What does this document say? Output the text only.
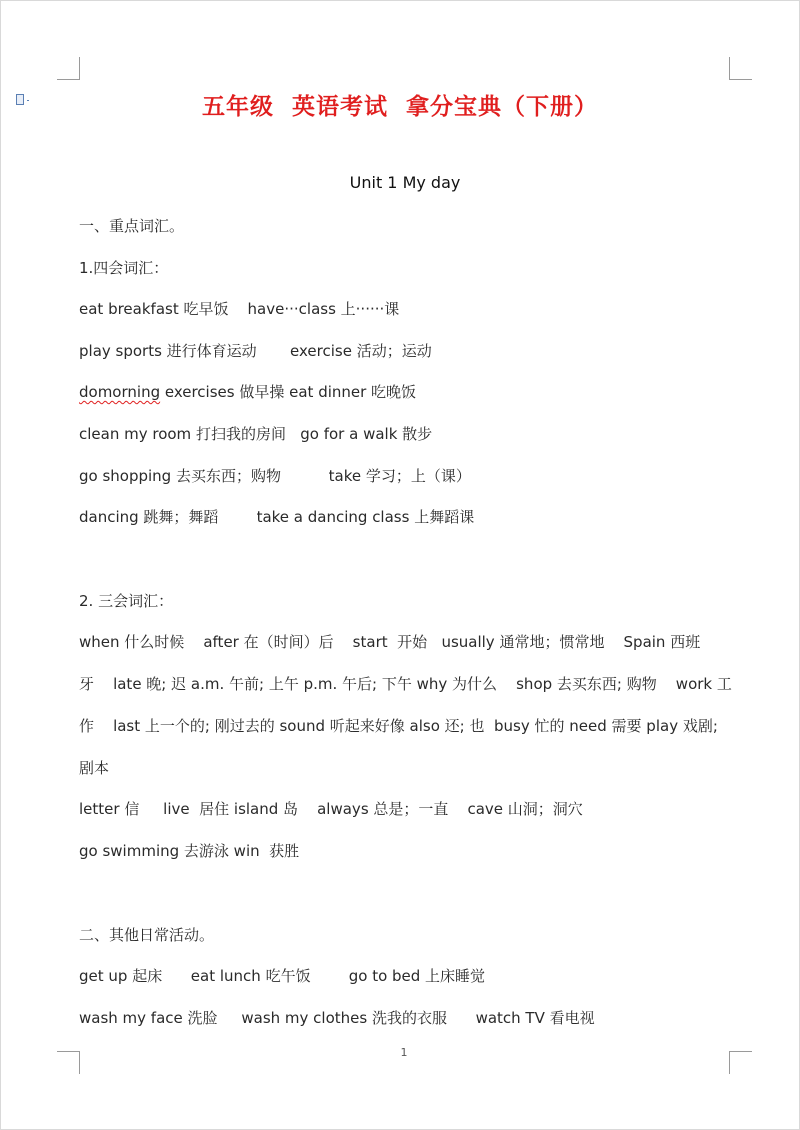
五年级  英语考试  拿分宝典（下册）
Unit 1 My day
一、重点词汇。
1.四会词汇：
eat breakfast 吃早饭    have···class 上······课
play sports 进行体育运动       exercise 活动；运动
domorning exercises 做早操 eat dinner 吃晚饭
clean my room 打扫我的房间   go for a walk 散步
go shopping 去买东西；购物          take 学习；上（课）
dancing 跳舞；舞蹈        take a dancing class 上舞蹈课
2. 三会词汇：
when 什么时候    after 在（时间）后    start  开始   usually 通常地；惯常地    Spain 西班
牙    late 晚; 迟 a.m. 午前; 上午 p.m. 午后; 下午 why 为什么    shop 去买东西; 购物    work 工
作    last 上一个的; 刚过去的 sound 听起来好像 also 还; 也  busy 忙的 need 需要 play 戏剧;
剧本
letter 信     live  居住 island 岛    always 总是；一直    cave 山洞；洞穴
go swimming 去游泳 win  获胜
二、其他日常活动。
get up 起床      eat lunch 吃午饭        go to bed 上床睡觉
wash my face 洗脸     wash my clothes 洗我的衣服      watch TV 看电视
1
